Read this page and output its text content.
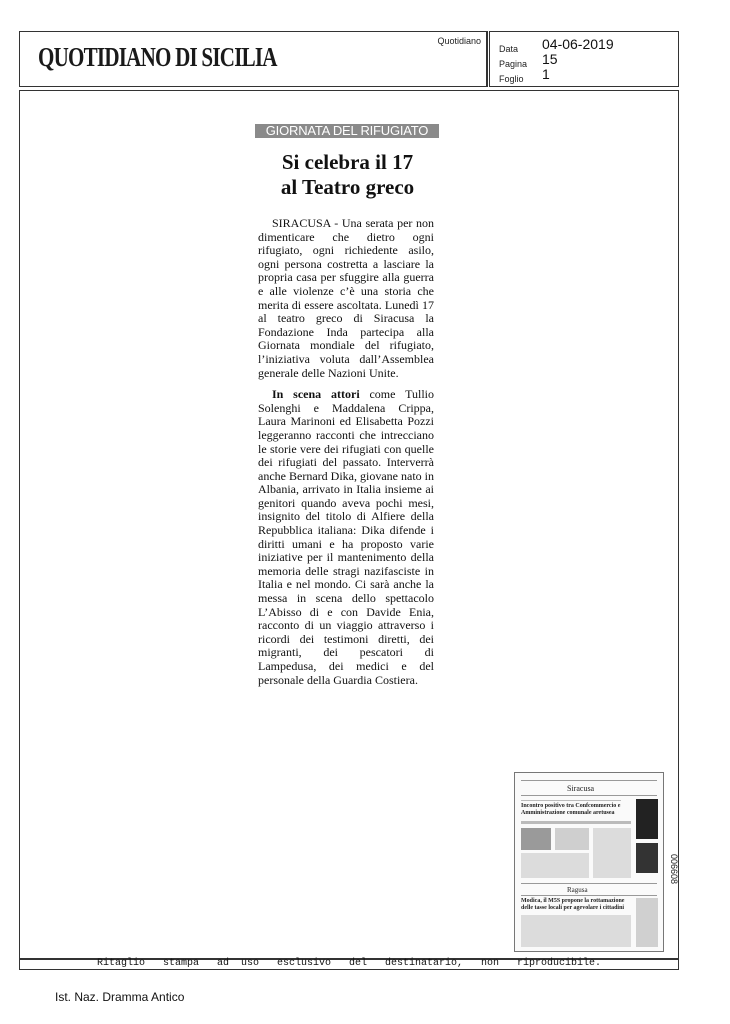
QUOTIDIANO DI SICILIA
Quotidiano
Data 04-06-2019
Pagina 15
Foglio 1
GIORNATA DEL RIFUGIATO
Si celebra il 17
al Teatro greco

SIRACUSA - Una serata per non dimenticare che dietro ogni rifugiato, ogni richiedente asilo, ogni persona costretta a lasciare la propria casa per sfuggire alla guerra e alle violenze c’è una storia che merita di essere ascoltata. Lunedì 17 al teatro greco di Siracusa la Fondazione Inda partecipa alla Giornata mondiale del rifugiato, l’iniziativa voluta dall’Assemblea generale delle Nazioni Unite.

In scena attori come Tullio Solenghi e Maddalena Crippa, Laura Marinoni ed Elisabetta Pozzi leggeranno racconti che intrecciano le storie vere dei rifugiati con quelle dei rifugiati del passato. Interverrà anche Bernard Dika, giovane nato in Albania, arrivato in Italia insieme ai genitori quando aveva pochi mesi, insignito del titolo di Alfiere della Repubblica italiana: Dika difende i diritti umani e ha proposto varie iniziative per il mantenimento della memoria delle stragi nazifasciste in Italia e nel mondo. Ci sarà anche la messa in scena dello spettacolo L’Abisso di e con Davide Enia, racconto di un viaggio attraverso i ricordi dei testimoni diretti, dei migranti, dei pescatori di Lampedusa, dei medici e del personale della Guardia Costiera.

Siracusa
Incontro positivo tra Confcommercio e Amministrazione comunale aretusea
Ragusa
Modica, il M5S propone la rottamazione delle tasse locali per agevolare i cittadini
006608
Ritaglio   stampa   ad  uso   esclusivo   del   destinatario,   non   riproducibile.
Ist. Naz. Dramma Antico
